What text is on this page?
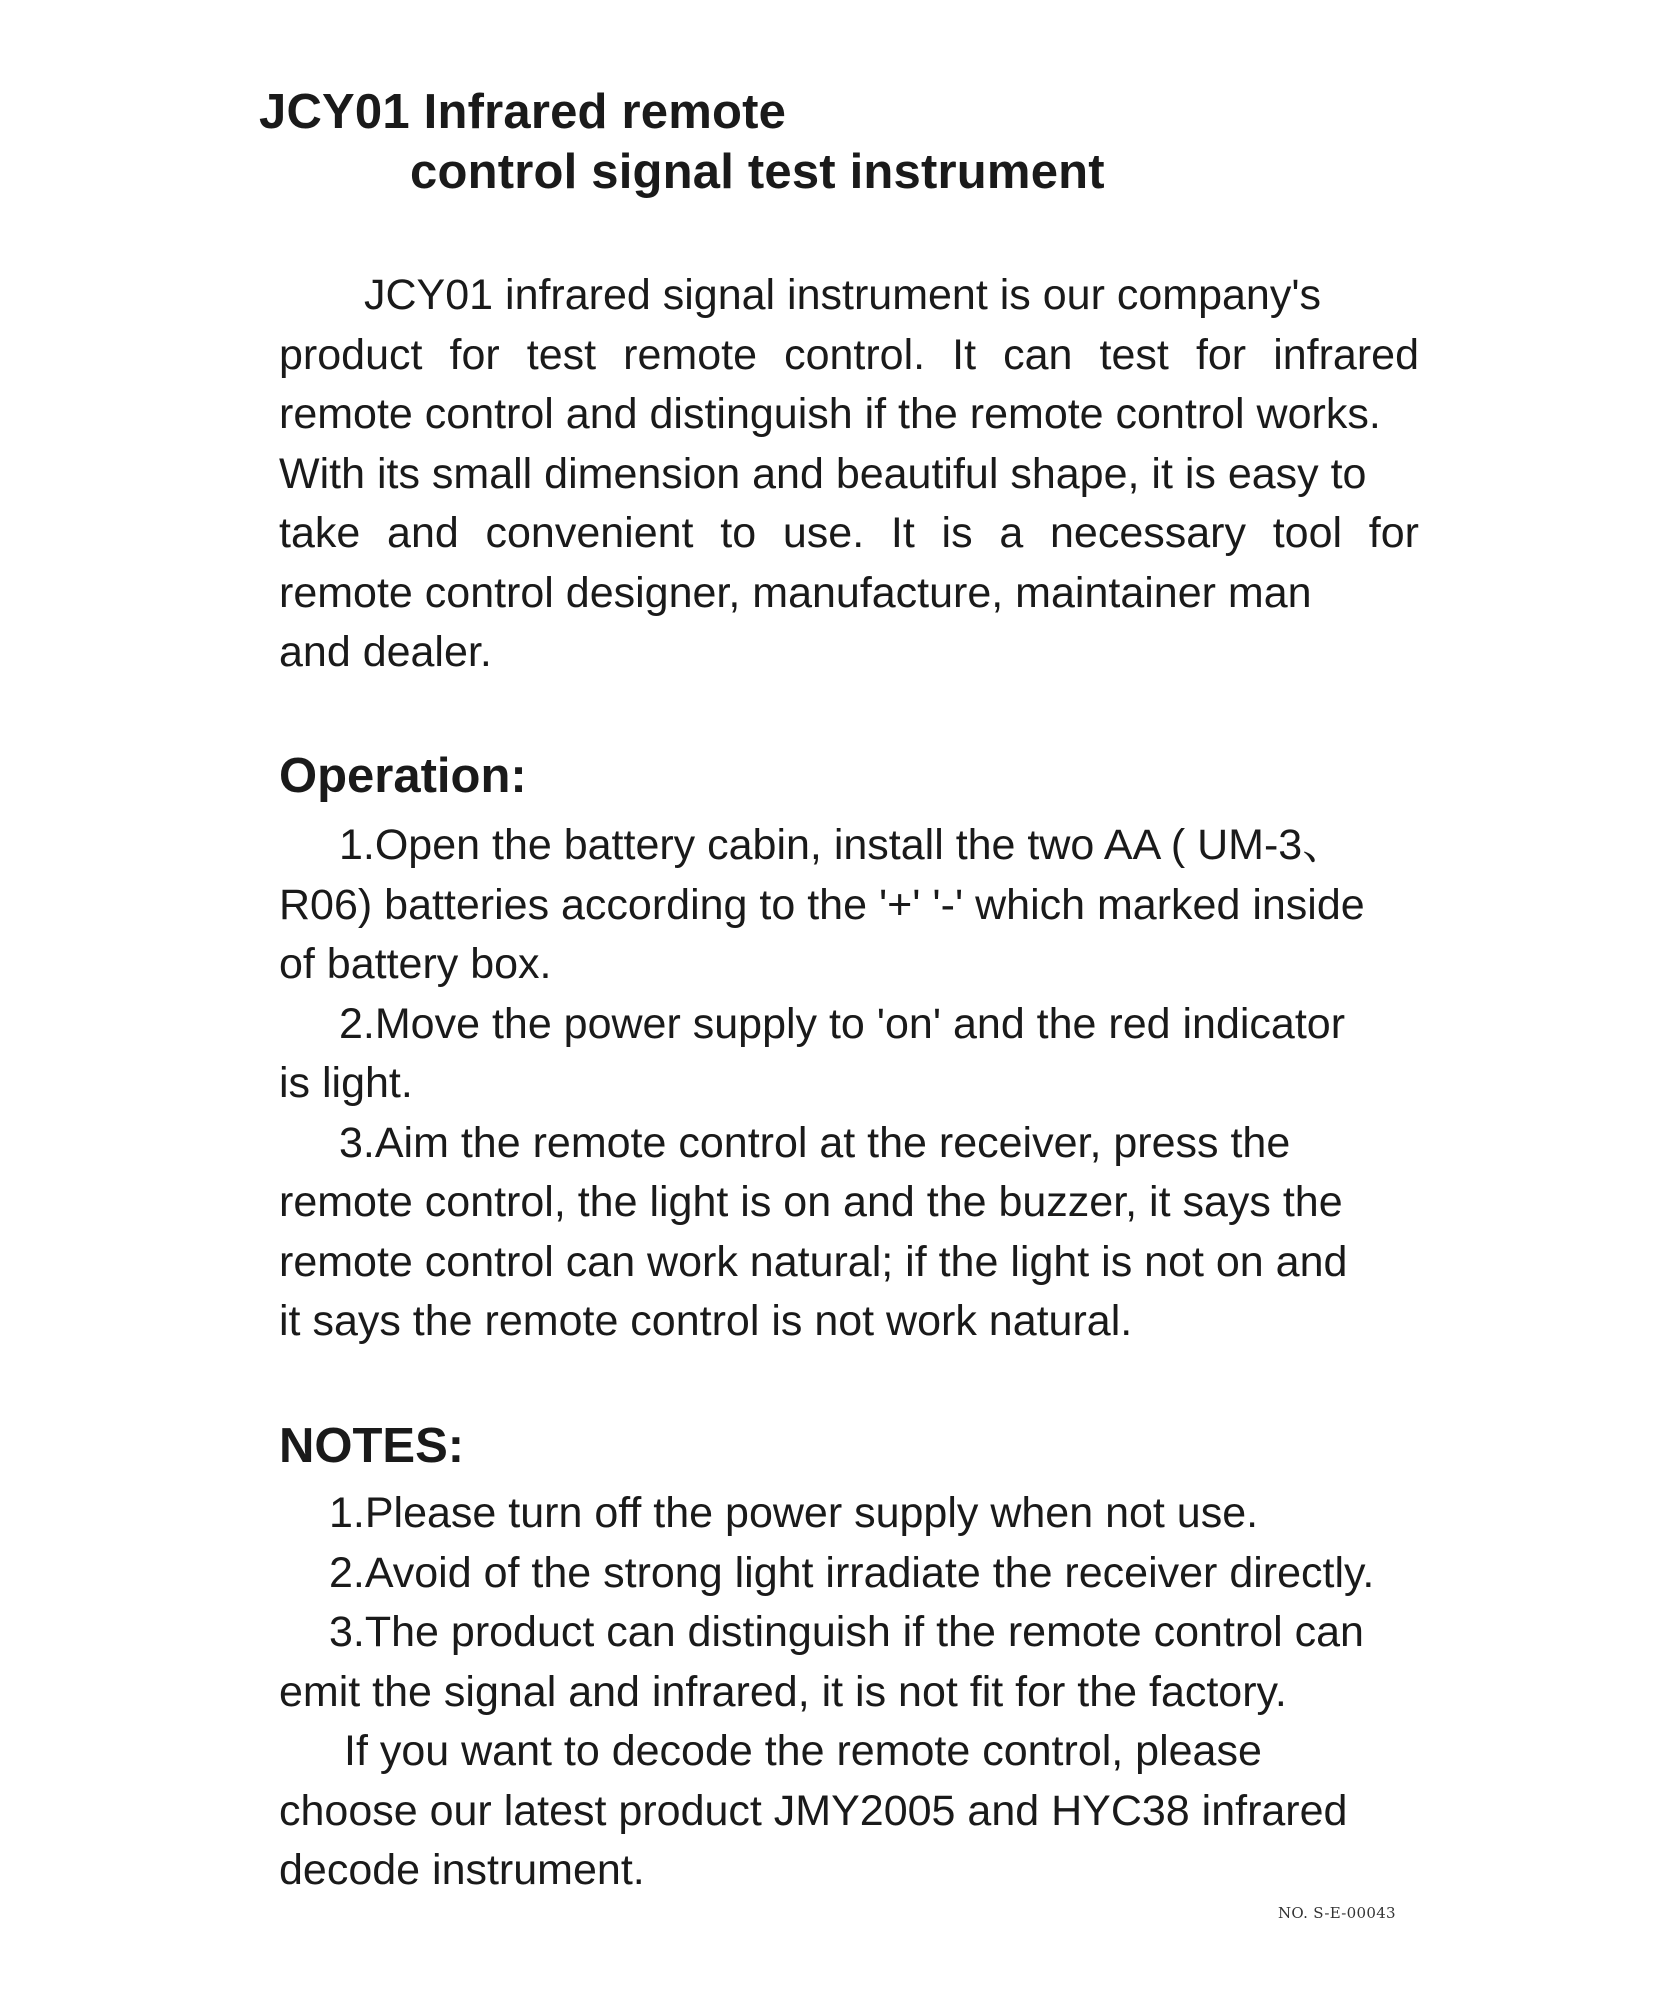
JCY01 Infrared remote
control signal test instrument
JCY01 infrared signal instrument is our company's
product for test remote control. It can test for infrared
remote control and distinguish if the remote control works.
With its small dimension and beautiful shape, it is easy to
take and convenient to use. It is a necessary tool for
remote control designer, manufacture, maintainer man
and dealer.
Operation:
1.Open the battery cabin, install the two AA ( UM-3、
R06) batteries according to the '+' '-' which marked inside
of battery box.
2.Move the power supply to 'on' and the red indicator
is light.
3.Aim the remote control at the receiver, press the
remote control, the light is on and the buzzer, it says the
remote control can work natural; if the light is not on and
it says the remote control is not work natural.
NOTES:
1.Please turn off the power supply when not use.
2.Avoid of the strong light irradiate the receiver directly.
3.The product can distinguish if the remote control can
emit the signal and infrared, it is not fit for the factory.
If you want to decode the remote control, please
choose our latest product JMY2005 and HYC38 infrared
decode instrument.
NO. S-E-00043
